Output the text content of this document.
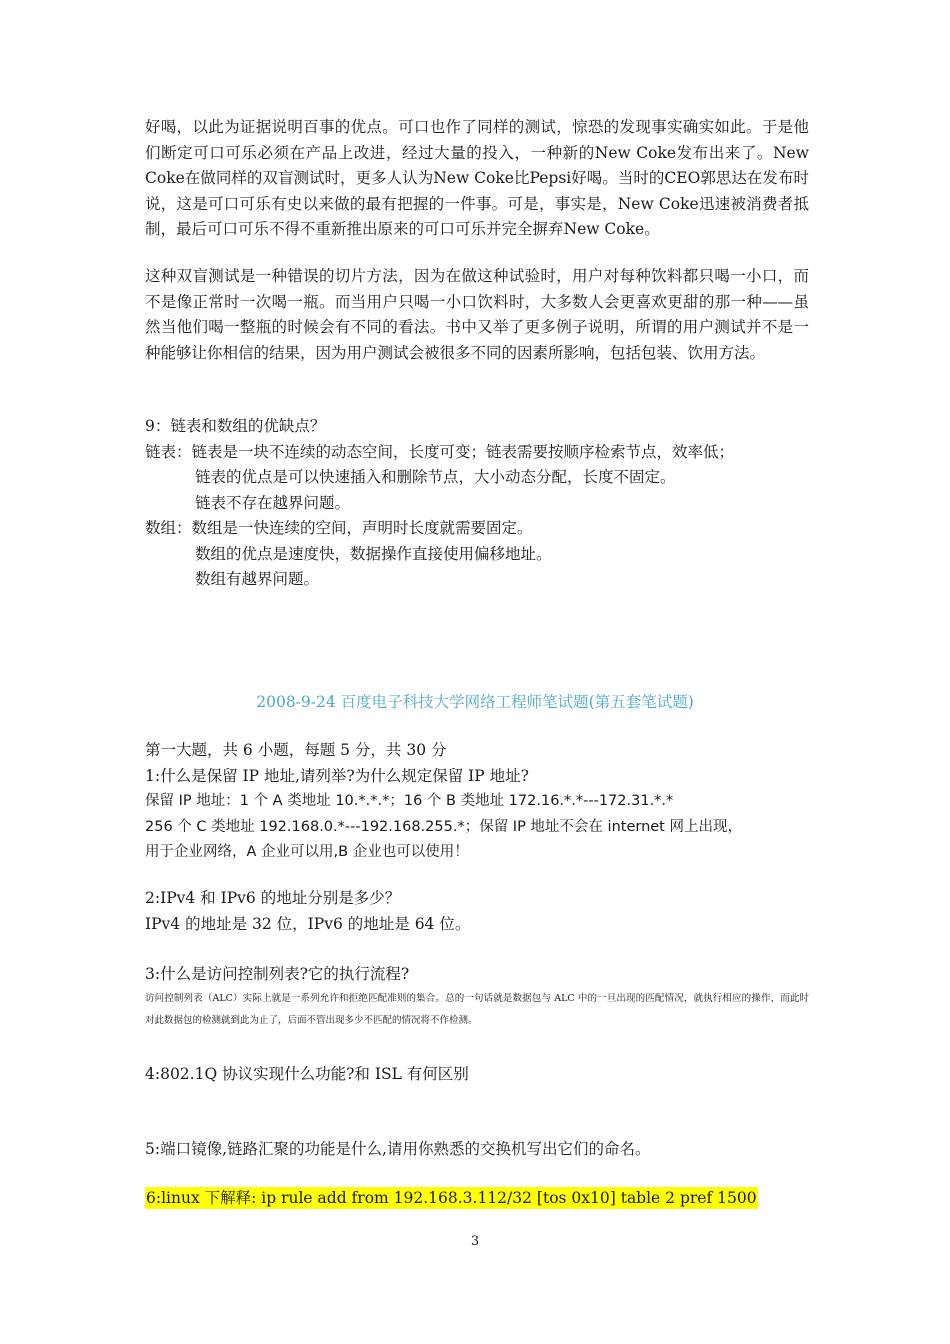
好喝，以此为证据说明百事的优点。可口也作了同样的测试，惊恐的发现事实确实如此。于是他们断定可口可乐必须在产品上改进，经过大量的投入，一种新的New Coke发布出来了。New Coke在做同样的双盲测试时，更多人认为New Coke比Pepsi好喝。当时的CEO郭思达在发布时说，这是可口可乐有史以来做的最有把握的一件事。可是，事实是，New Coke迅速被消费者抵制，最后可口可乐不得不重新推出原来的可口可乐并完全摒弃New Coke。

这种双盲测试是一种错误的切片方法，因为在做这种试验时，用户对每种饮料都只喝一小口，而不是像正常时一次喝一瓶。而当用户只喝一小口饮料时，大多数人会更喜欢更甜的那一种——虽然当他们喝一整瓶的时候会有不同的看法。书中又举了更多例子说明，所谓的用户测试并不是一种能够让你相信的结果，因为用户测试会被很多不同的因素所影响，包括包装、饮用方法。

9：链表和数组的优缺点？
链表：链表是一块不连续的动态空间，长度可变；链表需要按顺序检索节点，效率低；
链表的优点是可以快速插入和删除节点，大小动态分配，长度不固定。
链表不存在越界问题。
数组：数组是一快连续的空间，声明时长度就需要固定。
数组的优点是速度快，数据操作直接使用偏移地址。
数组有越界问题。
2008-9-24 百度电子科技大学网络工程师笔试题(第五套笔试题)
第一大题，共 6 小题，每题 5 分，共 30 分
1:什么是保留 IP 地址,请列举?为什么规定保留 IP 地址?
保留 IP 地址：1 个 A 类地址 10.*.*.*；16 个 B 类地址 172.16.*.*---172.31.*.*
256 个 C 类地址 192.168.0.*---192.168.255.*；保留 IP 地址不会在 internet 网上出现，
用于企业网络，A 企业可以用,B 企业也可以使用！
2:IPv4 和 IPv6 的地址分别是多少？
IPv4 的地址是 32 位，IPv6 的地址是 64 位。
3:什么是访问控制列表?它的执行流程?

访问控制列表（ALC）实际上就是一系列允许和拒绝匹配准则的集合。总的一句话就是数据包与 ALC 中的一旦出现的匹配情况，就执行相应的操作，而此时对此数据包的检测就到此为止了，后面不管出现多少不匹配的情况将不作检测。

4:802.1Q 协议实现什么功能?和 ISL 有何区别
5:端口镜像,链路汇聚的功能是什么,请用你熟悉的交换机写出它们的命名。
6:linux 下解释: ip rule add from 192.168.3.112/32 [tos 0x10] table 2 pref 1500
3
